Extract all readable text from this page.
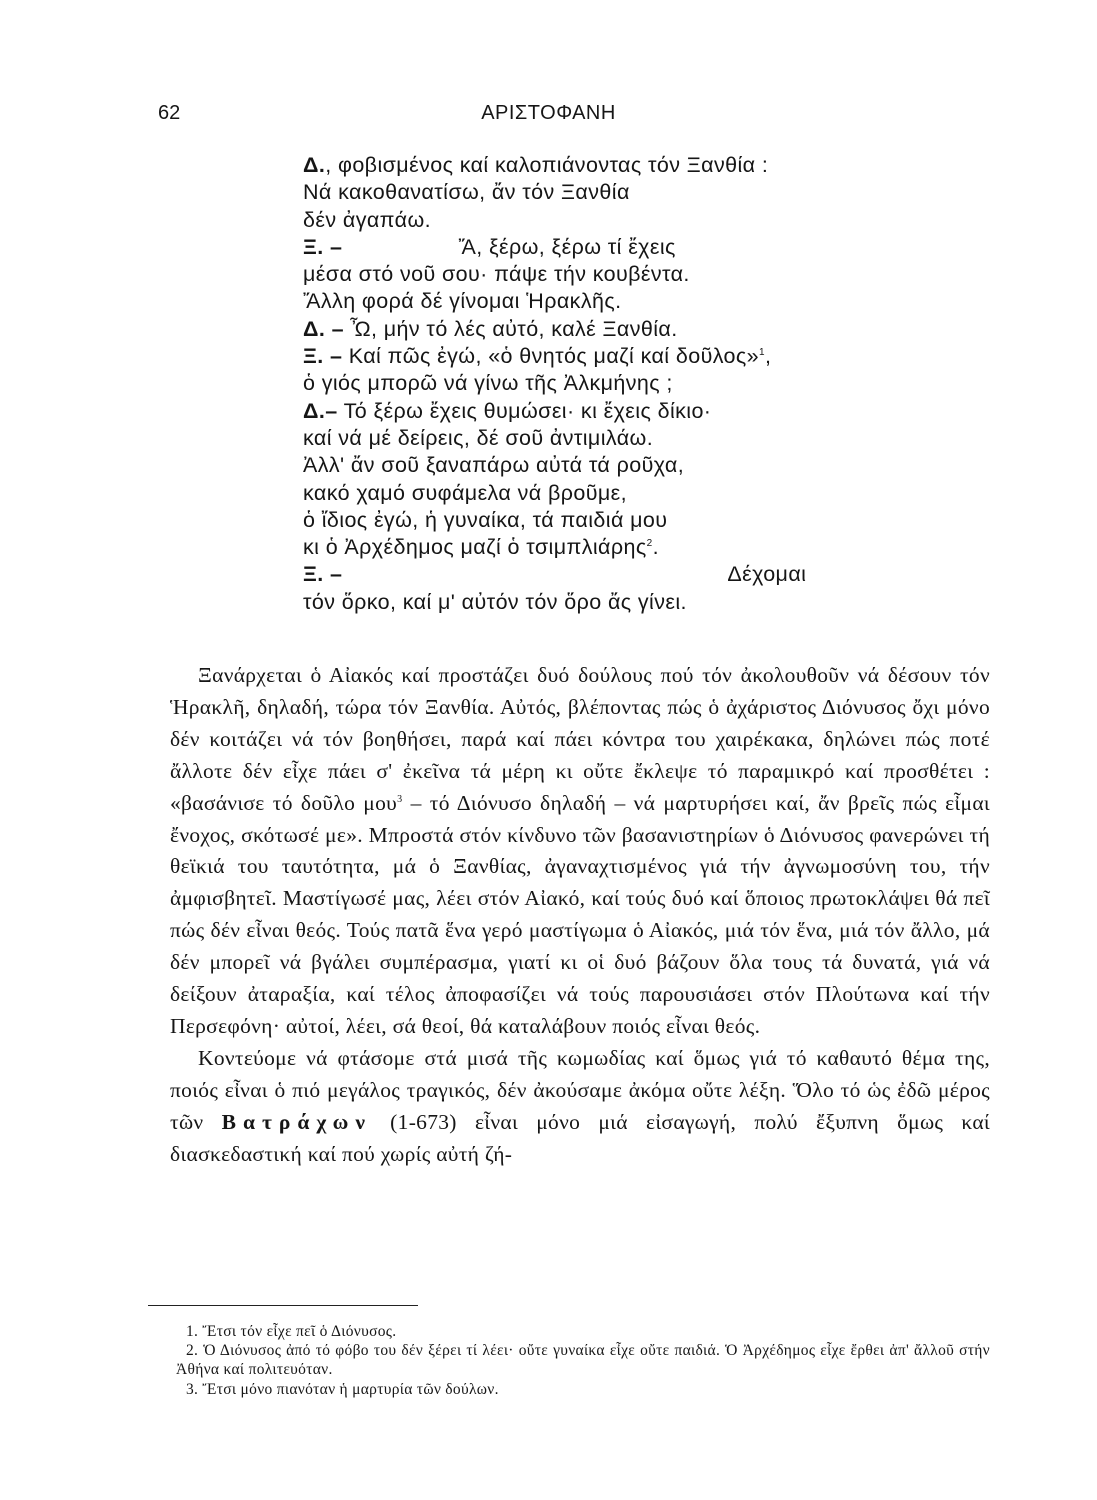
62	ΑΡΙΣΤΟΦΑΝΗ
Δ., φοβισμένος καί καλοπιάνοντας τόν Ξανθία :
Νά κακοθανατίσω, ἄν τόν Ξανθία
δέν ἀγαπάω.
Ξ. –	Ἄ, ξέρω, ξέρω τί ἔχεις
μέσα στό νοῦ σου· πάψε τήν κουβέντα.
Ἄλλη φορά δέ γίνομαι Ἡρακλῆς.
Δ. – Ὦ, μήν τό λές αὐτό, καλέ Ξανθία.
Ξ. – Καί πῶς ἐγώ, «ὁ θνητός μαζί καί δοῦλος»$^1$,
ὁ γιός μπορῶ νά γίνω τῆς Ἀλκμήνης ;
Δ.– Τό ξέρω ἔχεις θυμώσει· κι ἔχεις δίκιο·
καί νά μέ δείρεις, δέ σοῦ ἀντιμιλάω.
Ἀλλ' ἄν σοῦ ξαναπάρω αὐτά τά ροῦχα,
κακό χαμό συφάμελα νά βροῦμε,
ὁ ἴδιος ἐγώ, ἡ γυναίκα, τά παιδιά μου
κι ὁ Ἀρχέδημος μαζί ὁ τσιμπλιάρης$^2$.
Ξ. –	Δέχομαι
τόν ὅρκο, καί μ' αὐτόν τόν ὅρο ἄς γίνει.

Ξανάρχεται ὁ Αἰακός καί προστάζει δυό δούλους πού τόν ἀκολουθοῦν νά δέσουν τόν Ἡρακλῆ, δηλαδή, τώρα τόν Ξανθία. Αὐτός, βλέποντας πώς ὁ ἀχάριστος Διόνυσος ὄχι μόνο δέν κοιτάζει νά τόν βοηθήσει, παρά καί πάει κόντρα του χαιρέκακα, δηλώνει πώς ποτέ ἄλλοτε δέν εἶχε πάει σ' ἐκεῖνα τά μέρη κι οὔτε ἔκλεψε τό παραμικρό καί προσθέτει : «βασάνισε τό δοῦλο μου$^3$ – τό Διόνυσο δηλαδή – νά μαρτυρήσει καί, ἄν βρεῖς πώς εἶμαι ἔνοχος, σκότωσέ με». Μπροστά στόν κίνδυνο τῶν βασανιστηρίων ὁ Διόνυσος φανερώνει τή θεϊκιά του ταυτότητα, μά ὁ Ξανθίας, ἀγαναχτισμένος γιά τήν ἀγνωμοσύνη του, τήν ἀμφισβητεῖ. Μαστίγωσέ μας, λέει στόν Αἰακό, καί τούς δυό καί ὅποιος πρωτοκλάψει θά πεῖ πώς δέν εἶναι θεός. Τούς πατᾶ ἕνα γερό μαστίγωμα ὁ Αἰακός, μιά τόν ἕνα, μιά τόν ἄλλο, μά δέν μπορεῖ νά βγάλει συμπέρασμα, γιατί κι οἱ δυό βάζουν ὅλα τους τά δυνατά, γιά νά δείξουν ἀταραξία, καί τέλος ἀποφασίζει νά τούς παρουσιάσει στόν Πλούτωνα καί τήν Περσεφόνη· αὐτοί, λέει, σά θεοί, θά καταλάβουν ποιός εἶναι θεός.

Κοντεύομε νά φτάσομε στά μισά τῆς κωμωδίας καί ὅμως γιά τό καθαυτό θέμα της, ποιός εἶναι ὁ πιό μεγάλος τραγικός, δέν ἀκούσαμε ἀκόμα οὔτε λέξη. Ὅλο τό ὡς ἐδῶ μέρος τῶν Βατράχων (1-673) εἶναι μόνο μιά εἰσαγωγή, πολύ ἔξυπνη ὅμως καί διασκεδαστική καί πού χωρίς αὐτή ζή-

1. Ἔτσι τόν εἶχε πεῖ ὁ Διόνυσος.

2. Ὁ Διόνυσος ἀπό τό φόβο του δέν ξέρει τί λέει· οὔτε γυναίκα εἶχε οὔτε παιδιά. Ὁ Ἀρχέδημος εἶχε ἔρθει ἀπ' ἄλλοῦ στήν Ἀθήνα καί πολιτευόταν.

3. Ἔτσι μόνο πιανόταν ἡ μαρτυρία τῶν δούλων.
